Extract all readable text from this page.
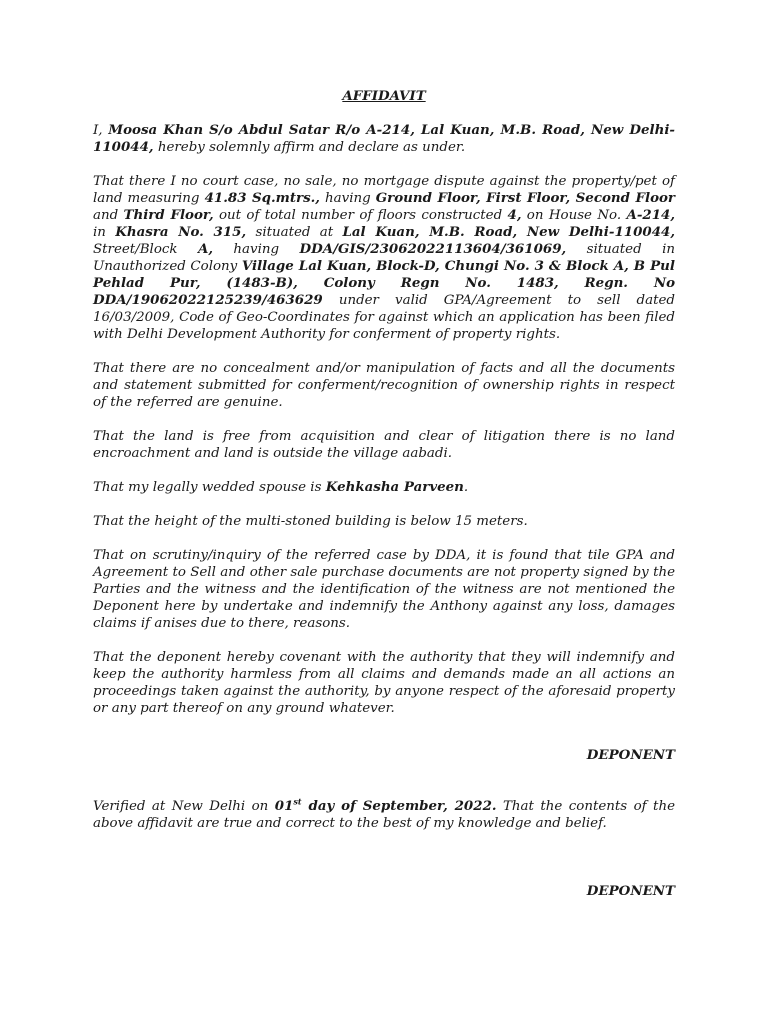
AFFIDAVIT

I, Moosa Khan S/o Abdul Satar R/o A-214, Lal Kuan, M.B. Road, New Delhi-110044, hereby solemnly affirm and declare as under.

That there I no court case, no sale, no mortgage dispute against the property/pet of land measuring 41.83 Sq.mtrs., having Ground Floor, First Floor, Second Floor and Third Floor, out of total number of floors constructed 4, on House No. A-214, in Khasra No. 315, situated at Lal Kuan, M.B. Road, New Delhi-110044, Street/Block A, having DDA/GIS/23062022113604/361069, situated in Unauthorized Colony Village Lal Kuan, Block-D, Chungi No. 3 & Block A, B Pul Pehlad Pur, (1483-B), Colony Regn No. 1483, Regn. No DDA/19062022125239/463629 under valid GPA/Agreement to sell dated 16/03/2009, Code of Geo-Coordinates for against which an application has been filed with Delhi Development Authority for conferment of property rights.

That there are no concealment and/or manipulation of facts and all the documents and statement submitted for conferment/recognition of ownership rights in respect of the referred are genuine.

That the land is free from acquisition and clear of litigation there is no land encroachment and land is outside the village aabadi.

That my legally wedded spouse is Kehkasha Parveen.

That the height of the multi-stoned building is below 15 meters.

That on scrutiny/inquiry of the referred case by DDA, it is found that tile GPA and Agreement to Sell and other sale purchase documents are not property signed by the Parties and the witness and the identification of the witness are not mentioned the Deponent here by undertake and indemnify the Anthony against any loss, damages claims if anises due to there, reasons.

That the deponent hereby covenant with the authority that they will indemnify and keep the authority harmless from all claims and demands made an all actions an proceedings taken against the authority, by anyone respect of the aforesaid property or any part thereof on any ground whatever.

DEPONENT

Verified at New Delhi on 01st day of September, 2022. That the contents of the above affidavit are true and correct to the best of my knowledge and belief.

DEPONENT
